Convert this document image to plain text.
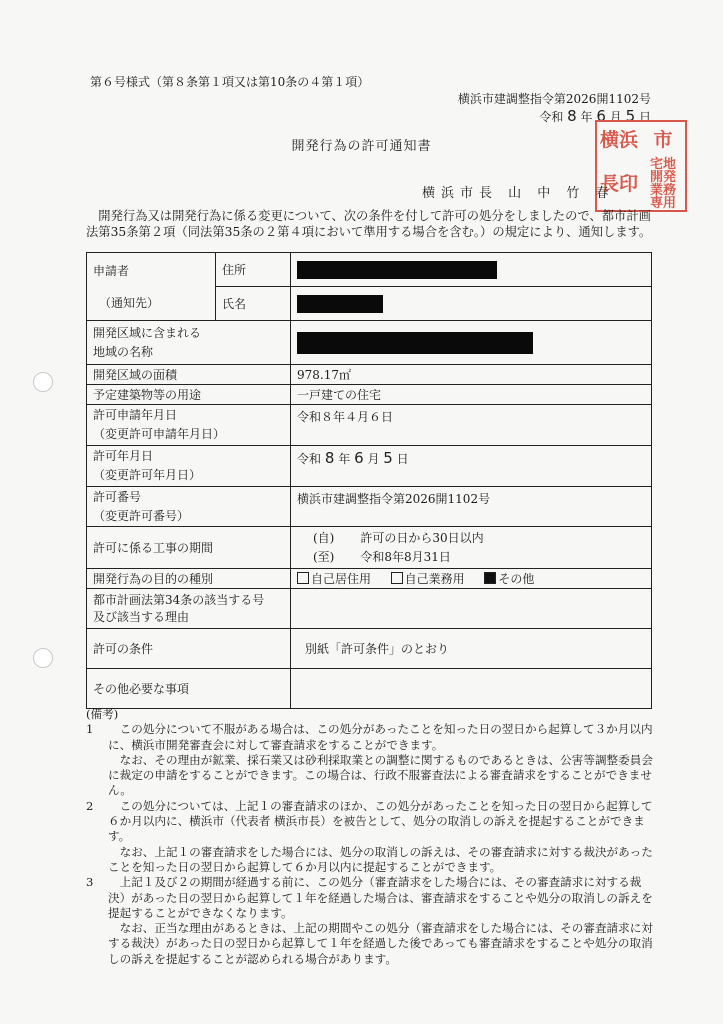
第６号様式（第８条第１項又は第10条の４第１項）
横浜市建調整指令第2026開1102号
令和 8 年 6 月 5 日
横 浜 市
長 印
宅地
開発
業務
専用
開発行為の許可通知書
横浜市長 山 中 竹 春
開発行為又は開発行為に係る変更について、次の条件を付して許可の処分をしましたので、都市計画法第35条第２項（同法第35条の２第４項において準用する場合を含む。）の規定により、通知します。
申請者
（通知先）	住所	
	氏名	

開発区域に含まれる
地域の名称		

開発区域の面積		978.17㎡
予定建築物等の用途		一戸建ての住宅

許可申請年月日
（変更許可申請年月日）		令和８年４月６日

許可年月日
（変更許可年月日）		令和 8 年 6 月 5 日

許可番号
（変更許可番号）		横浜市建調整指令第2026開1102号
許可に係る工事の期間		(自) 許可の日から30日以内
(至) 令和8年8月31日

開発行為の目的の種別		自己居住用 自己業務用 その他

都市計画法第34条の該当する号
及び該当する理由		

許可の条件		別紙「許可条件」のとおり
その他必要な事項		

(備考)

1	この処分について不服がある場合は、この処分があったことを知った日の翌日から起算して３か月以内に、横浜市開発審査会に対して審査請求をすることができます。

なお、その理由が鉱業、採石業又は砂利採取業との調整に関するものであるときは、公害等調整委員会に裁定の申請をすることができます。この場合は、行政不服審査法による審査請求をすることができません。

2	この処分については、上記１の審査請求のほか、この処分があったことを知った日の翌日から起算して６か月以内に、横浜市（代表者 横浜市長）を被告として、処分の取消しの訴えを提起することができます。

なお、上記１の審査請求をした場合には、処分の取消しの訴えは、その審査請求に対する裁決があったことを知った日の翌日から起算して６か月以内に提起することができます。

3	上記１及び２の期間が経過する前に、この処分（審査請求をした場合には、その審査請求に対する裁決）があった日の翌日から起算して１年を経過した場合は、審査請求をすることや処分の取消しの訴えを提起することができなくなります。

なお、正当な理由があるときは、上記の期間やこの処分（審査請求をした場合には、その審査請求に対する裁決）があった日の翌日から起算して１年を経過した後であっても審査請求をすることや処分の取消しの訴えを提起することが認められる場合があります。
